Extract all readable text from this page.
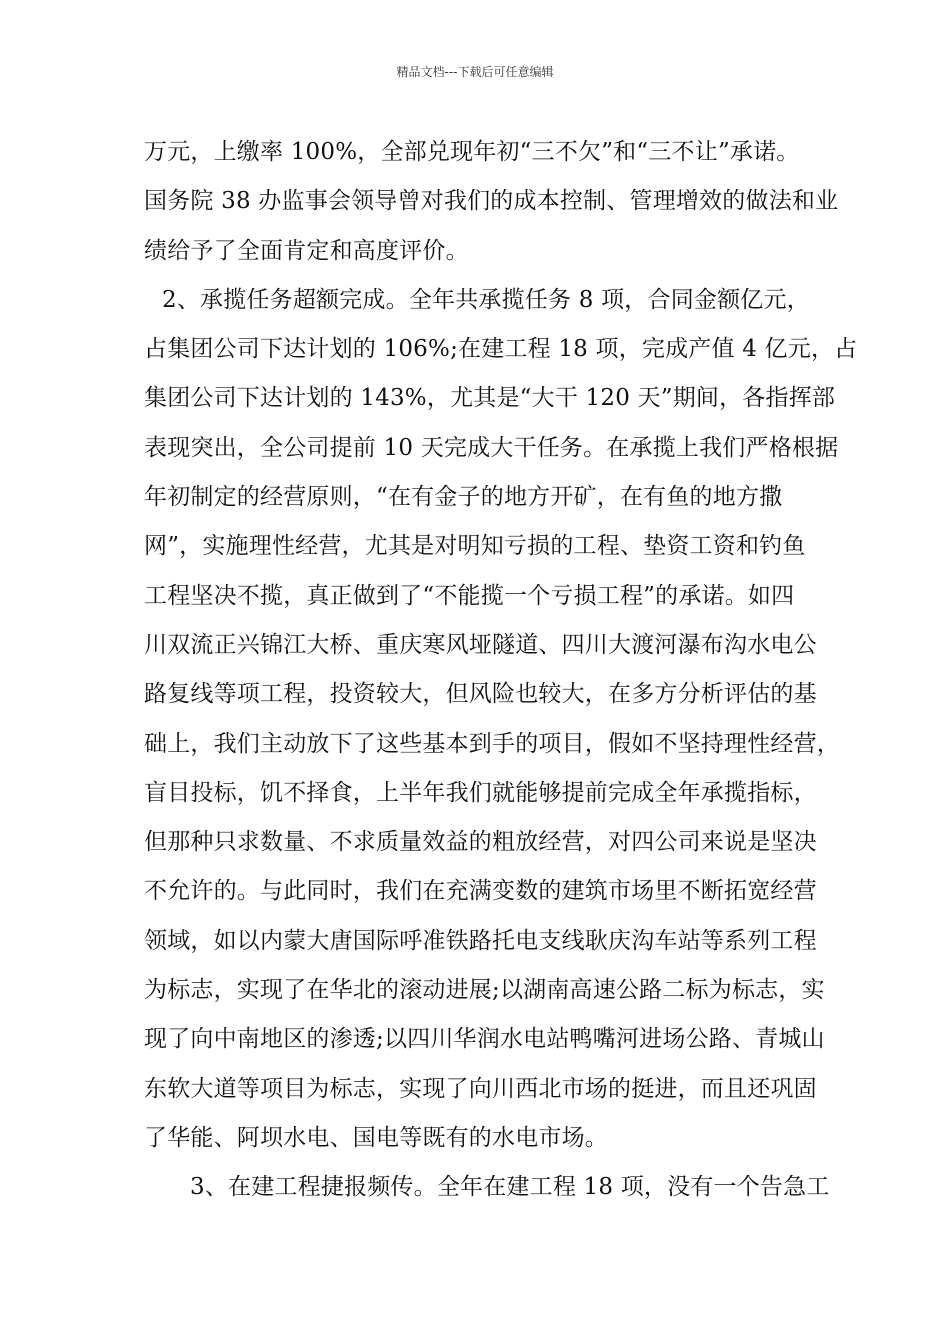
精品文档---下载后可任意编辑
万元，上缴率 100%，全部兑现年初“三不欠”和“三不让”承诺。
国务院 38 办监事会领导曾对我们的成本控制、管理增效的做法和业
绩给予了全面肯定和高度评价。
2、承揽任务超额完成。全年共承揽任务 8 项，合同金额亿元，
占集团公司下达计划的 106%;在建工程 18 项，完成产值 4 亿元，占
集团公司下达计划的 143%，尤其是“大干 120 天”期间，各指挥部
表现突出，全公司提前 10 天完成大干任务。在承揽上我们严格根据
年初制定的经营原则，“在有金子的地方开矿，在有鱼的地方撒
网”，实施理性经营，尤其是对明知亏损的工程、垫资工资和钓鱼
工程坚决不揽，真正做到了“不能揽一个亏损工程”的承诺。如四
川双流正兴锦江大桥、重庆寒风垭隧道、四川大渡河瀑布沟水电公
路复线等项工程，投资较大，但风险也较大，在多方分析评估的基
础上，我们主动放下了这些基本到手的项目，假如不坚持理性经营，
盲目投标，饥不择食，上半年我们就能够提前完成全年承揽指标，
但那种只求数量、不求质量效益的粗放经营，对四公司来说是坚决
不允许的。与此同时，我们在充满变数的建筑市场里不断拓宽经营
领域，如以内蒙大唐国际呼准铁路托电支线耿庆沟车站等系列工程
为标志，实现了在华北的滚动进展;以湖南高速公路二标为标志，实
现了向中南地区的渗透;以四川华润水电站鸭嘴河进场公路、青城山
东软大道等项目为标志，实现了向川西北市场的挺进，而且还巩固
了华能、阿坝水电、国电等既有的水电市场。
3、在建工程捷报频传。全年在建工程 18 项，没有一个告急工
